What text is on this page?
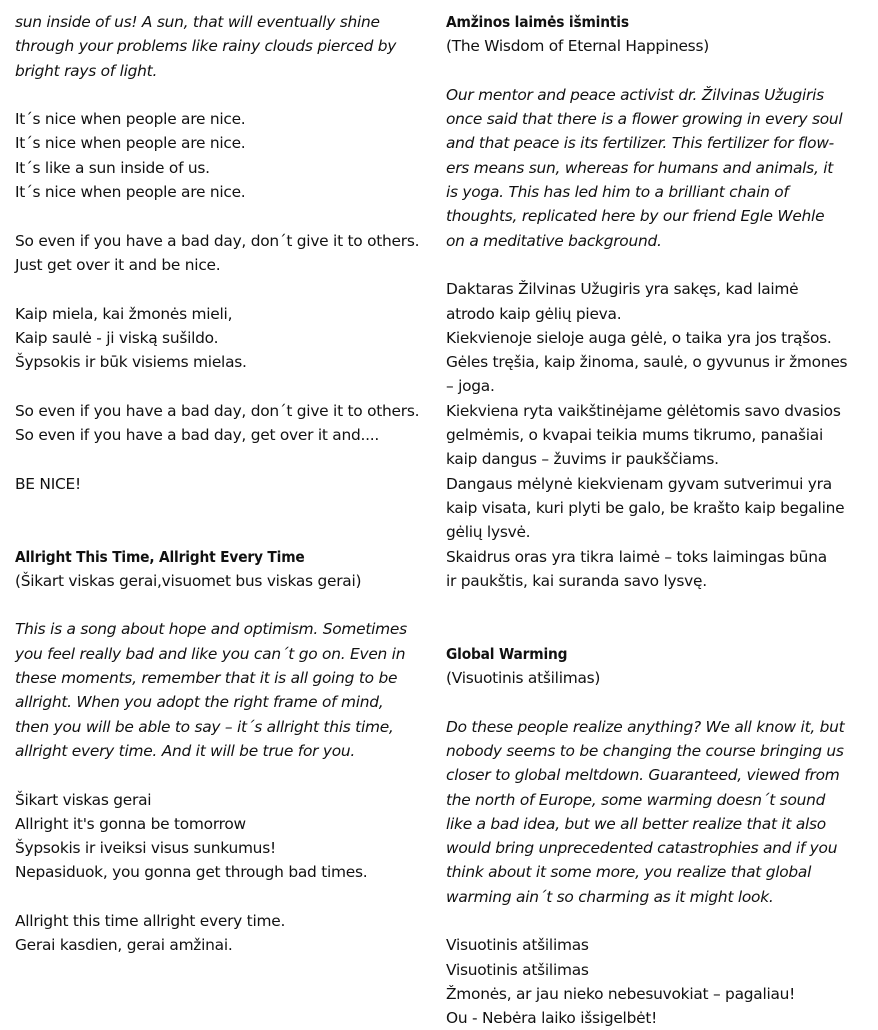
sun inside of us! A sun, that will eventually shine
through your problems like rainy clouds pierced by
bright rays of light.
It´s nice when people are nice.
It´s nice when people are nice.
It´s like a sun inside of us.
It´s nice when people are nice.
So even if you have a bad day, don´t give it to others.
Just get over it and be nice.
Kaip miela, kai žmonės mieli,
Kaip saulė - ji viską sušildo.
Šypsokis ir būk visiems mielas.
So even if you have a bad day, don´t give it to others.
So even if you have a bad day, get over it and....
BE NICE!
Allright This Time, Allright Every Time
(Šikart viskas gerai,visuomet bus viskas gerai)
This is a song about hope and optimism. Sometimes
you feel really bad and like you can´t go on. Even in
these moments, remember that it is all going to be
allright. When you adopt the right frame of mind,
then you will be able to say – it´s allright this time,
allright every time. And it will be true for you.
Šikart viskas gerai
Allright it's gonna be tomorrow
Šypsokis ir iveiksi visus sunkumus!
Nepasiduok, you gonna get through bad times.
Allright this time allright every time.
Gerai kasdien, gerai amžinai.
Amžinos laimės išmintis
(The Wisdom of Eternal Happiness)
Our mentor and peace activist dr. Žilvinas Užugiris
once said that there is a flower growing in every soul
and that peace is its fertilizer. This fertilizer for flow-
ers means sun, whereas for humans and animals, it
is yoga. This has led him to a brilliant chain of
thoughts, replicated here by our friend Egle Wehle
on a meditative background.
Daktaras Žilvinas Užugiris yra sakęs, kad laimė
atrodo kaip gėlių pieva.
Kiekvienoje sieloje auga gėlė, o taika yra jos trąšos.
Gėles tręšia, kaip žinoma, saulė, o gyvunus ir žmones
– joga.
Kiekviena ryta vaikštinėjame gėlėtomis savo dvasios
gelmėmis, o kvapai teikia mums tikrumo, panašiai
kaip dangus – žuvims ir paukščiams.
Dangaus mėlynė kiekvienam gyvam sutverimui yra
kaip visata, kuri plyti be galo, be krašto kaip begaline
gėlių lysvė.
Skaidrus oras yra tikra laimė – toks laimingas būna
ir paukštis, kai suranda savo lysvę.
Global Warming
(Visuotinis atšilimas)
Do these people realize anything? We all know it, but
nobody seems to be changing the course bringing us
closer to global meltdown. Guaranteed, viewed from
the north of Europe, some warming doesn´t sound
like a bad idea, but we all better realize that it also
would bring unprecedented catastrophies and if you
think about it some more, you realize that global
warming ain´t so charming as it might look.
Visuotinis atšilimas
Visuotinis atšilimas
Žmonės, ar jau nieko nebesuvokiat – pagaliau!
Ou - Nebėra laiko išsigelbėt!
